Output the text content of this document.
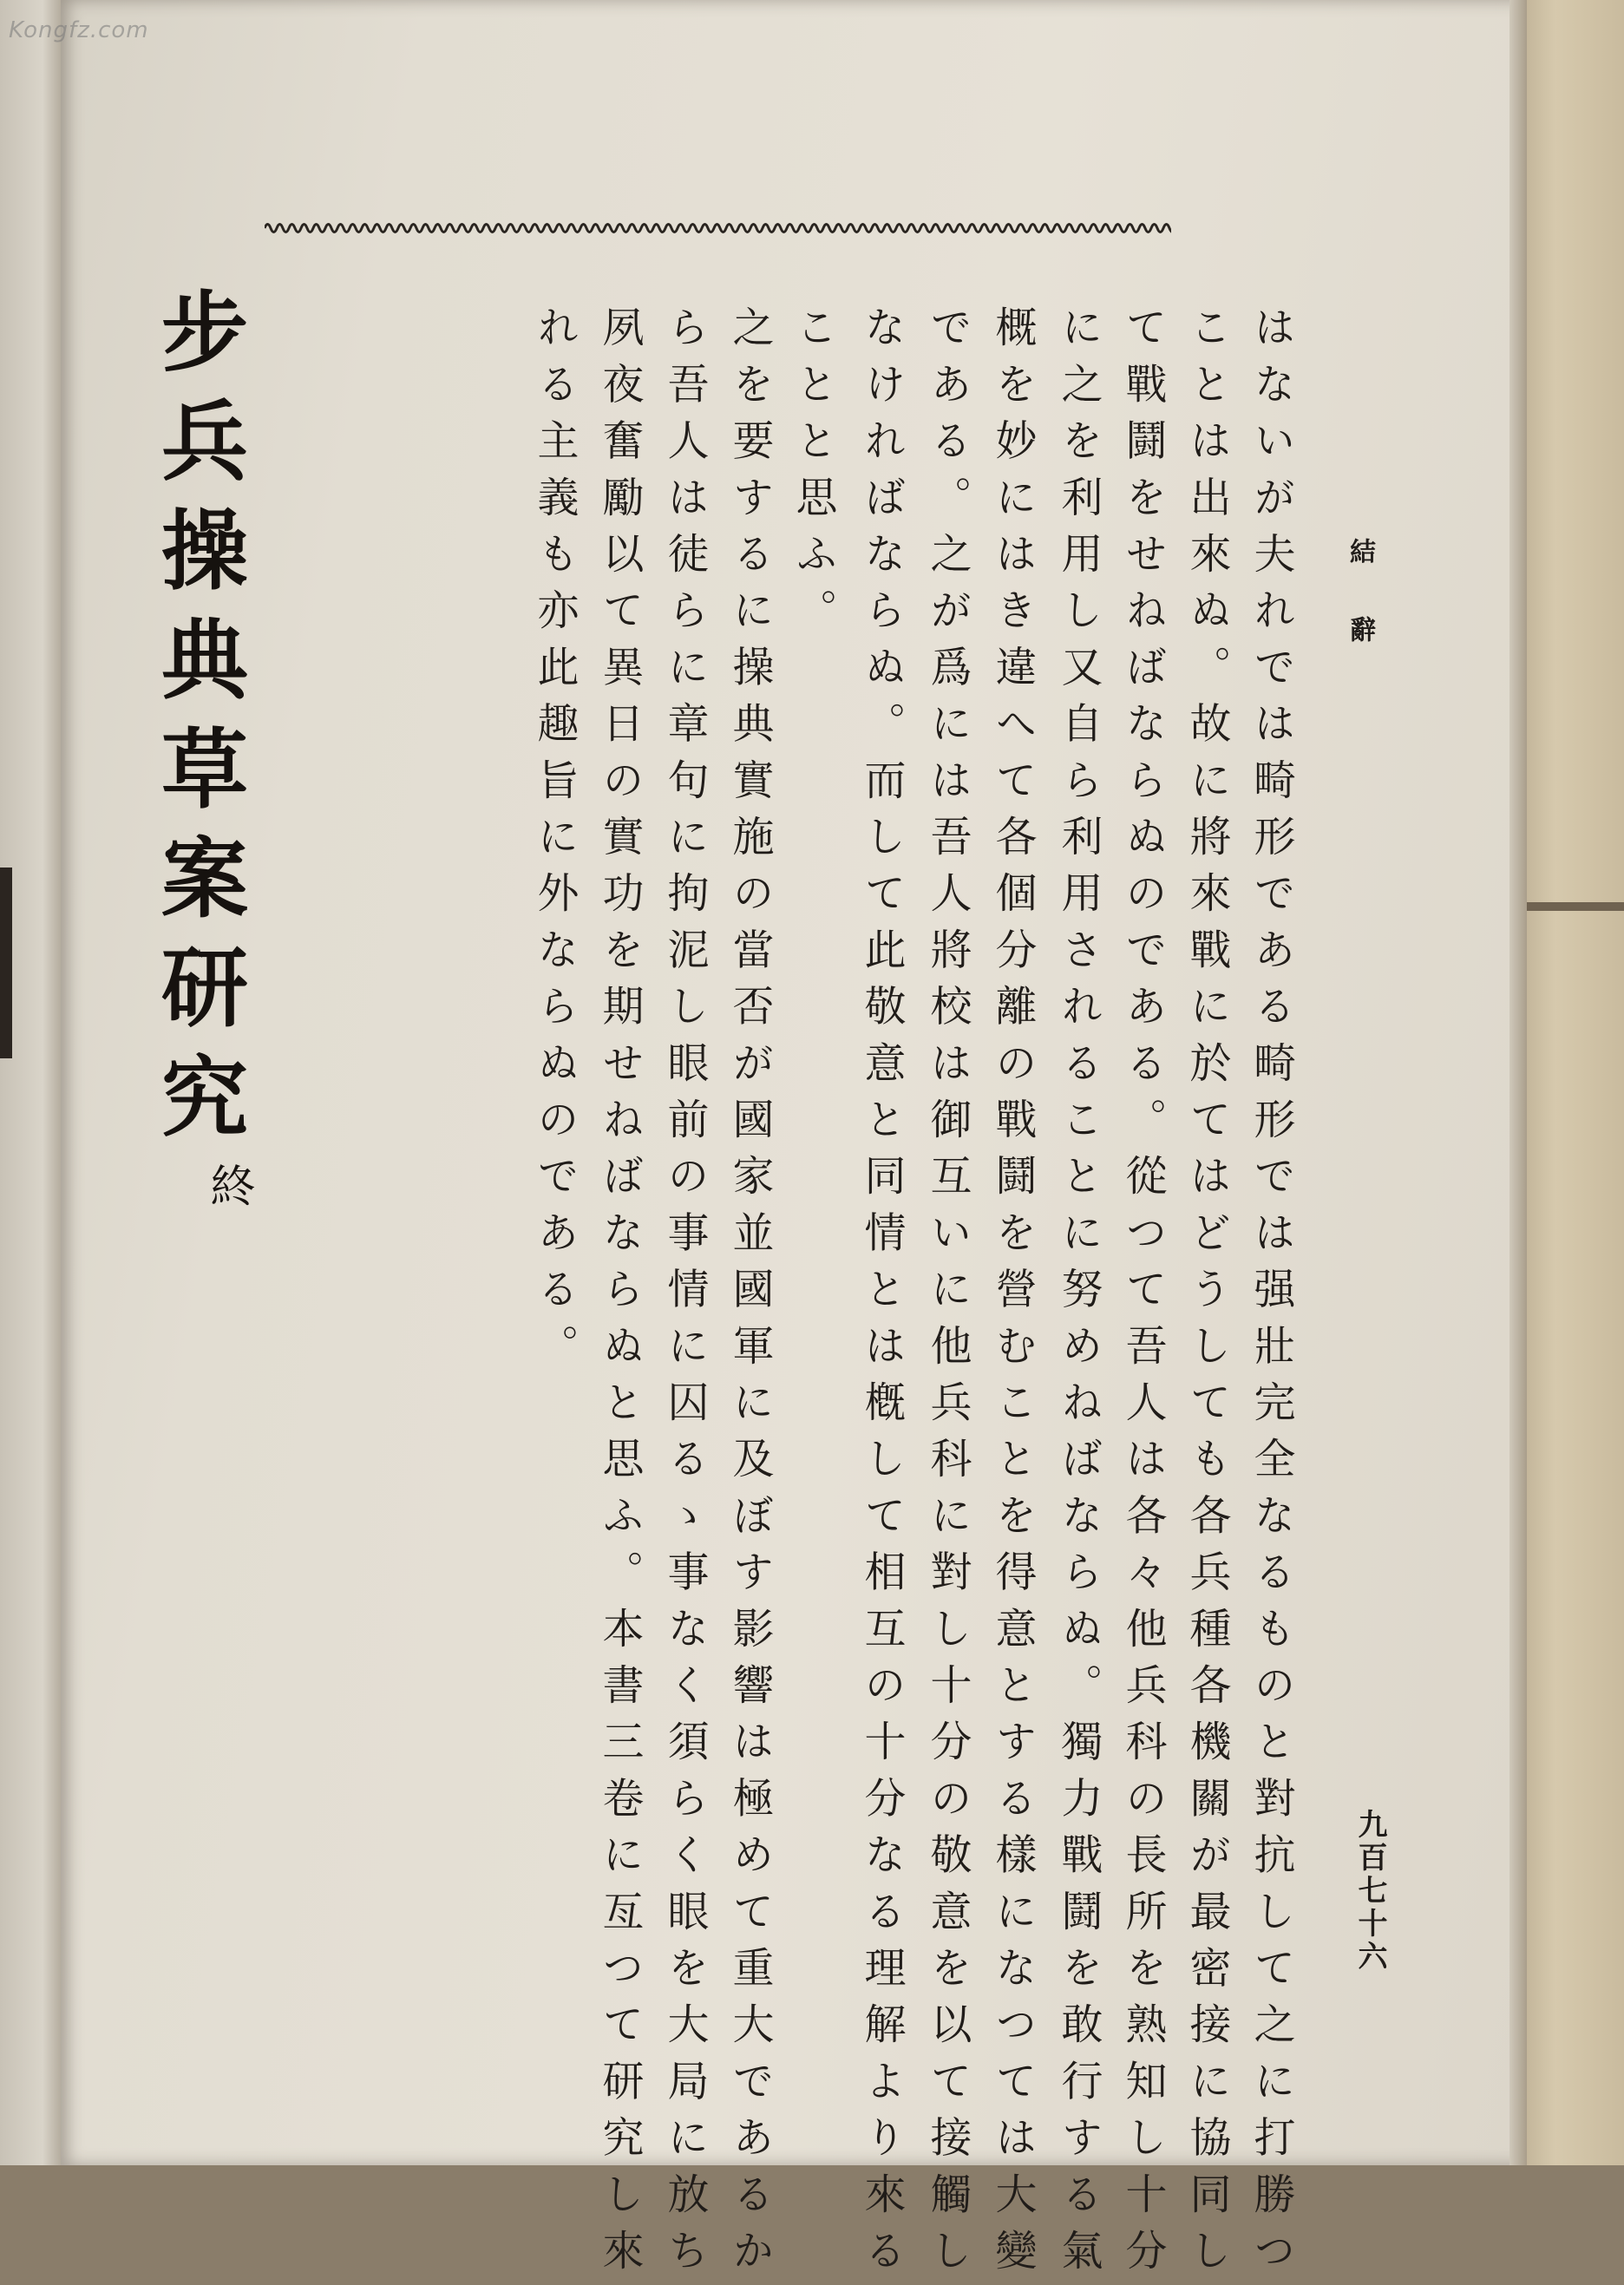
Kongfz.com
結辭
九百七十六
はないが夫れでは畸形である畸形では强壯完全なるものと對抗して之に打勝つ
ことは出來ぬ。故に將來戰に於てはどうしても各兵種各機關が最密接に協同し
て戰鬪をせねばならぬのである。從つて吾人は各々他兵科の長所を熟知し十分
に之を利用し又自ら利用されることに努めねばならぬ。獨力戰鬪を敢行する氣
概を妙にはき違へて各個分離の戰鬪を營むことを得意とする樣になつては大變
である。之が爲には吾人將校は御互いに他兵科に對し十分の敬意を以て接觸し
なければならぬ。而して此敬意と同情とは槪して相互の十分なる理解より來る
ことと思ふ。
之を要するに操典實施の當否が國家並國軍に及ぼす影響は極めて重大であるか
ら吾人は徒らに章句に拘泥し眼前の事情に囚るゝ事なく須らく眼を大局に放ち
夙夜奮勵以て異日の實功を期せねばならぬと思ふ。本書三卷に亙つて研究し來
れる主義も亦此趣旨に外ならぬのである。
步兵操典草案研究
終
